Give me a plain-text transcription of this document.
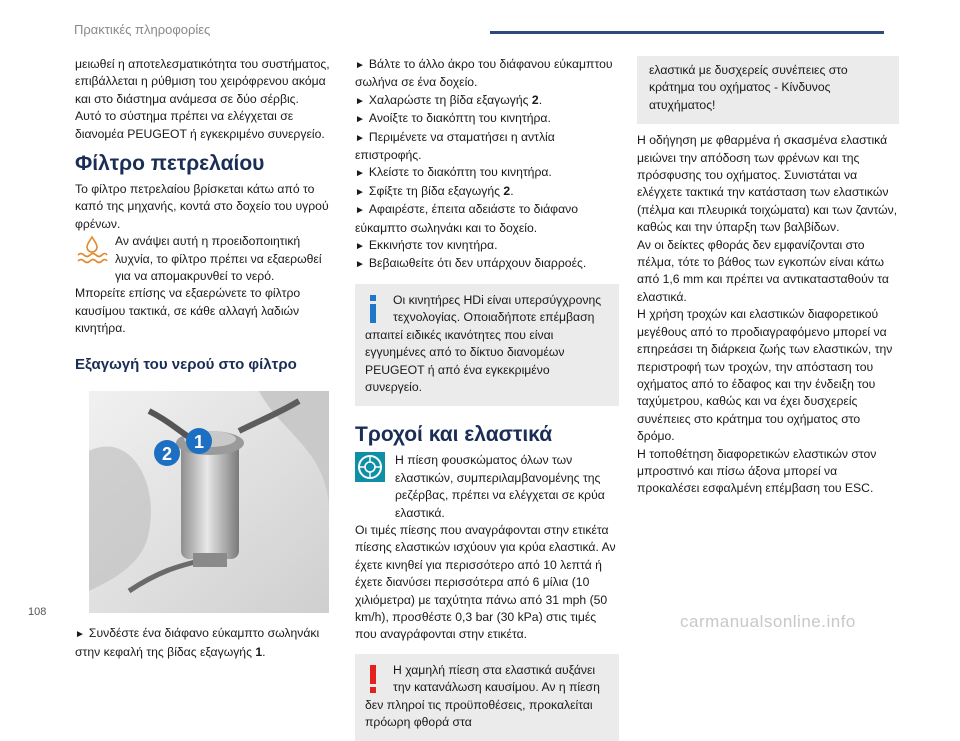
Πρακτικές πληροφορίες

μειωθεί η αποτελεσματικότητα του συστήματος, επιβάλλεται η ρύθμιση του χειρόφρενου ακόμα και στο διάστημα ανάμεσα σε δύο σέρβις.

Αυτό το σύστημα πρέπει να ελέγχεται σε διανομέα PEUGEOT ή εγκεκριμένο συνεργείο.

Φίλτρο πετρελαίου

Το φίλτρο πετρελαίου βρίσκεται κάτω από το καπό της μηχανής, κοντά στο δοχείο του υγρού φρένων.

Αν ανάψει αυτή η προειδοποιητική λυχνία, το φίλτρο πρέπει να εξαερωθεί για να απομακρυνθεί το νερό.

Μπορείτε επίσης να εξαερώνετε το φίλτρο καυσίμου τακτικά, σε κάθε αλλαγή λαδιών κινητήρα.

Εξαγωγή του νερού στο φίλτρο
2
1

► Συνδέστε ένα διάφανο εύκαμπτο σωληνάκι στην κεφαλή της βίδας εξαγωγής 1.

► Βάλτε το άλλο άκρο του διάφανου εύκαμπτου σωλήνα σε ένα δοχείο.

► Χαλαρώστε τη βίδα εξαγωγής 2.

► Ανοίξτε το διακόπτη του κινητήρα.

► Περιμένετε να σταματήσει η αντλία επιστροφής.

► Κλείστε το διακόπτη του κινητήρα.

► Σφίξτε τη βίδα εξαγωγής 2.

► Αφαιρέστε, έπειτα αδειάστε το διάφανο εύκαμπτο σωληνάκι και το δοχείο.

► Εκκινήστε τον κινητήρα.

► Βεβαιωθείτε ότι δεν υπάρχουν διαρροές.

Οι κινητήρες HDi είναι υπερσύγχρονης τεχνολογίας. Οποιαδήποτε επέμβαση απαιτεί ειδικές ικανότητες που είναι εγγυημένες από το δίκτυο διανομέων PEUGEOT ή από ένα εγκεκριμένο συνεργείο.
Τροχοί και ελαστικά

Η πίεση φουσκώματος όλων των ελαστικών, συμπεριλαμβανομένης της ρεζέρβας, πρέπει να ελέγχεται σε κρύα ελαστικά.

Οι τιμές πίεσης που αναγράφονται στην ετικέτα πίεσης ελαστικών ισχύουν για κρύα ελαστικά. Αν έχετε κινηθεί για περισσότερο από 10 λεπτά ή έχετε διανύσει περισσότερα από 6 μίλια (10 χιλιόμετρα) με ταχύτητα πάνω από 31 mph (50 km/h), προσθέστε 0,3 bar (30 kPa) στις τιμές που αναγράφονται στην ετικέτα.

Η χαμηλή πίεση στα ελαστικά αυξάνει την κατανάλωση καυσίμου. Αν η πίεση δεν πληροί τις προϋποθέσεις, προκαλείται πρόωρη φθορά στα
ελαστικά με δυσχερείς συνέπειες στο κράτημα του οχήματος - Κίνδυνος ατυχήματος!

Η οδήγηση με φθαρμένα ή σκασμένα ελαστικά μειώνει την απόδοση των φρένων και της πρόσφυσης του οχήματος. Συνιστάται να ελέγχετε τακτικά την κατάσταση των ελαστικών (πέλμα και πλευρικά τοιχώματα) και των ζαντών, καθώς και την ύπαρξη των βαλβίδων.

Αν οι δείκτες φθοράς δεν εμφανίζονται στο πέλμα, τότε το βάθος των εγκοπών είναι κάτω από 1,6 mm και πρέπει να αντικατασταθούν τα ελαστικά.

Η χρήση τροχών και ελαστικών διαφορετικού μεγέθους από το προδιαγραφόμενο μπορεί να επηρεάσει τη διάρκεια ζωής των ελαστικών, την περιστροφή των τροχών, την απόσταση του οχήματος από το έδαφος και την ένδειξη του ταχύμετρου, καθώς και να έχει δυσχερείς συνέπειες στο κράτημα του οχήματος στο δρόμο.

Η τοποθέτηση διαφορετικών ελαστικών στον μπροστινό και πίσω άξονα μπορεί να προκαλέσει εσφαλμένη επέμβαση του ESC.

108	carmanualsonline.info
